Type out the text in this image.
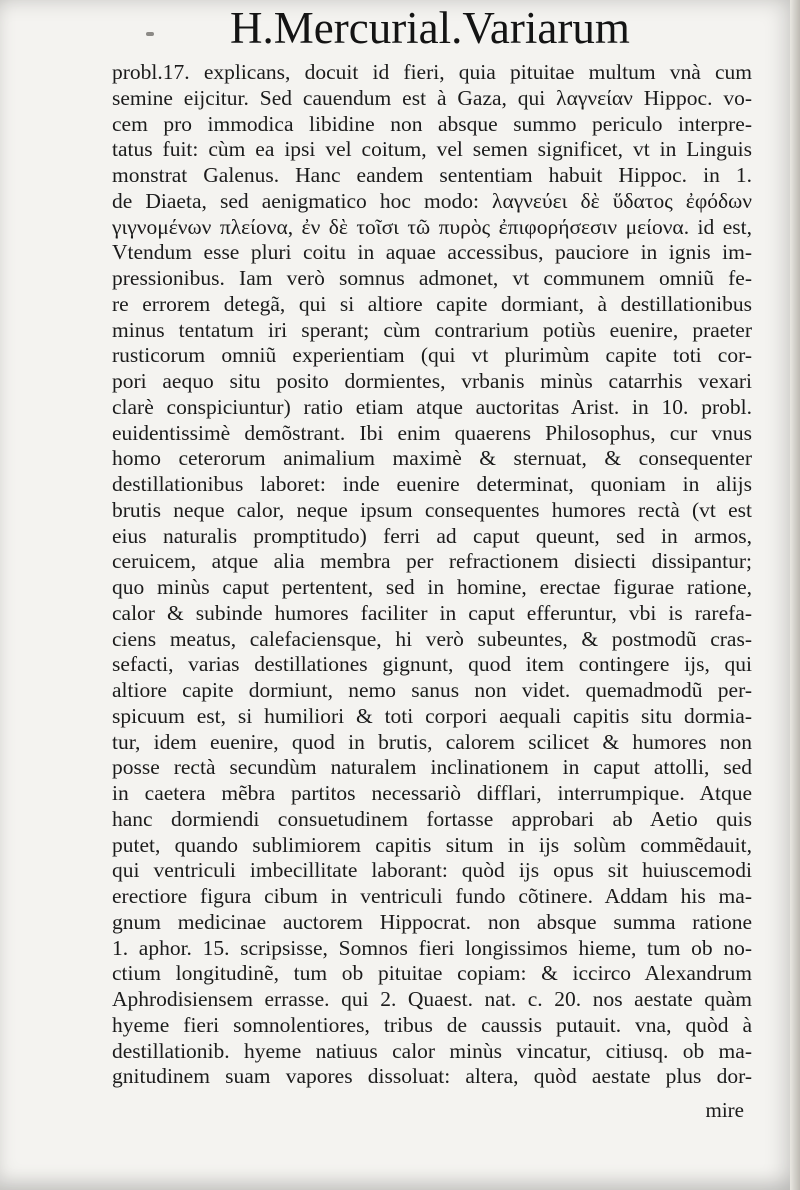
H.Mercurial.Variarum
probl.17. explicans, docuit id fieri, quia pituitae multum vnà cum
semine eijcitur. Sed cauendum est à Gaza, qui λαγνείαν Hippoc. vo-
cem pro immodica libidine non absque summo periculo interpre-
tatus fuit: cùm ea ipsi vel coitum, vel semen significet, vt in Linguis
monstrat Galenus. Hanc eandem sententiam habuit Hippoc. in 1.
de Diaeta, sed aenigmatico hoc modo: λαγνεύει δὲ ὕδατος ἐφόδων
γιγνομένων πλείονα, ἐν δὲ τοῖσι τῶ πυρὸς ἐπιφορήσεσιν μείονα. id est,
Vtendum esse pluri coitu in aquae accessibus, pauciore in ignis im-
pressionibus. Iam verò somnus admonet, vt communem omniũ fe-
re errorem detegã, qui si altiore capite dormiant, à destillationibus
minus tentatum iri sperant; cùm contrarium potiùs euenire, praeter
rusticorum omniũ experientiam (qui vt plurimùm capite toti cor-
pori aequo situ posito dormientes, vrbanis minùs catarrhis vexari
clarè conspiciuntur) ratio etiam atque auctoritas Arist. in 10. probl.
euidentissimè demõstrant. Ibi enim quaerens Philosophus, cur vnus
homo ceterorum animalium maximè & sternuat, & consequenter
destillationibus laboret: inde euenire determinat, quoniam in alijs
brutis neque calor, neque ipsum consequentes humores rectà (vt est
eius naturalis promptitudo) ferri ad caput queunt, sed in armos,
ceruicem, atque alia membra per refractionem disiecti dissipantur;
quo minùs caput pertentent, sed in homine, erectae figurae ratione,
calor & subinde humores faciliter in caput efferuntur, vbi is rarefa-
ciens meatus, calefaciensque, hi verò subeuntes, & postmodũ cras-
sefacti, varias destillationes gignunt, quod item contingere ijs, qui
altiore capite dormiunt, nemo sanus non videt. quemadmodũ per-
spicuum est, si humiliori & toti corpori aequali capitis situ dormia-
tur, idem euenire, quod in brutis, calorem scilicet & humores non
posse rectà secundùm naturalem inclinationem in caput attolli, sed
in caetera mẽbra partitos necessariò difflari, interrumpique. Atque
hanc dormiendi consuetudinem fortasse approbari ab Aetio quis
putet, quando sublimiorem capitis situm in ijs solùm commẽdauit,
qui ventriculi imbecillitate laborant: quòd ijs opus sit huiuscemodi
erectiore figura cibum in ventriculi fundo cõtinere. Addam his ma-
gnum medicinae auctorem Hippocrat. non absque summa ratione
1. aphor. 15. scripsisse, Somnos fieri longissimos hieme, tum ob no-
ctium longitudinẽ, tum ob pituitae copiam: & iccirco Alexandrum
Aphrodisiensem errasse. qui 2. Quaest. nat. c. 20. nos aestate quàm
hyeme fieri somnolentiores, tribus de caussis putauit. vna, quòd à
destillationib. hyeme natiuus calor minùs vincatur, citiusq. ob ma-
gnitudinem suam vapores dissoluat: altera, quòd aestate plus dor-
mire
